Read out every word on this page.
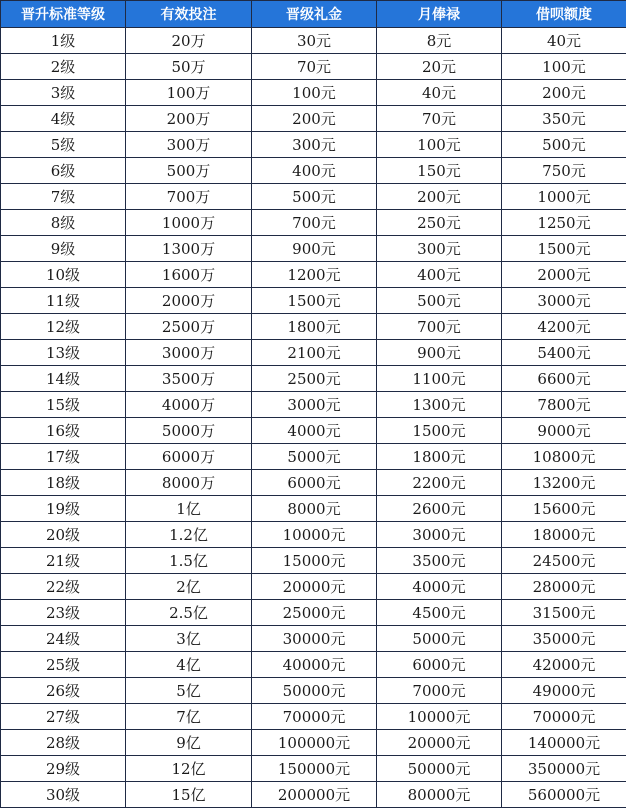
晋升标准等级	有效投注	晋级礼金	月俸禄	借呗额度
1级	20万	30元	8元	40元
2级	50万	70元	20元	100元
3级	100万	100元	40元	200元
4级	200万	200元	70元	350元
5级	300万	300元	100元	500元
6级	500万	400元	150元	750元
7级	700万	500元	200元	1000元
8级	1000万	700元	250元	1250元
9级	1300万	900元	300元	1500元
10级	1600万	1200元	400元	2000元
11级	2000万	1500元	500元	3000元
12级	2500万	1800元	700元	4200元
13级	3000万	2100元	900元	5400元
14级	3500万	2500元	1100元	6600元
15级	4000万	3000元	1300元	7800元
16级	5000万	4000元	1500元	9000元
17级	6000万	5000元	1800元	10800元
18级	8000万	6000元	2200元	13200元
19级	1亿	8000元	2600元	15600元
20级	1.2亿	10000元	3000元	18000元
21级	1.5亿	15000元	3500元	24500元
22级	2亿	20000元	4000元	28000元
23级	2.5亿	25000元	4500元	31500元
24级	3亿	30000元	5000元	35000元
25级	4亿	40000元	6000元	42000元
26级	5亿	50000元	7000元	49000元
27级	7亿	70000元	10000元	70000元
28级	9亿	100000元	20000元	140000元
29级	12亿	150000元	50000元	350000元
30级	15亿	200000元	80000元	560000元
